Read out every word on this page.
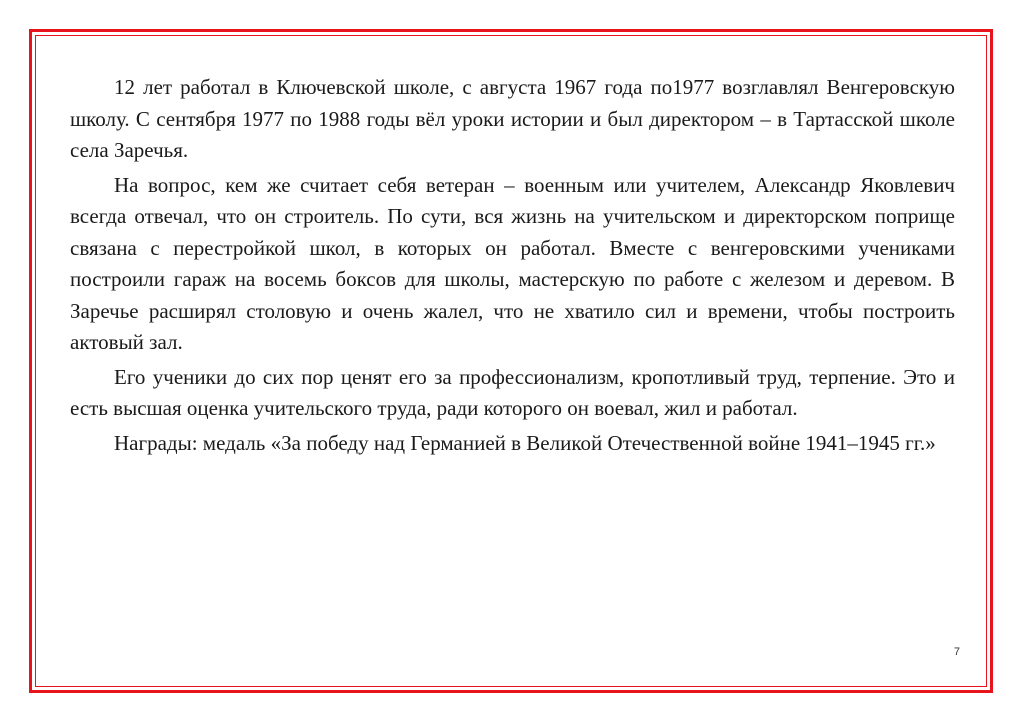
12 лет работал в Ключевской школе, с августа 1967 года по1977 возглавлял Венгеровскую школу. С сентября 1977 по 1988 годы вёл уроки истории и был директором – в Тартасской школе села Заречья.

На вопрос, кем же считает себя ветеран – военным или учителем, Александр Яковлевич всегда отвечал, что он строитель. По сути, вся жизнь на учительском и директорском поприще связана с перестройкой школ, в которых он работал. Вместе с венгеровскими учениками построили гараж на восемь боксов для школы, мастерскую по работе с железом и деревом. В Заречье расширял столовую и очень жалел, что не хватило сил и времени, чтобы построить актовый зал.

Его ученики до сих пор ценят его за профессионализм, кропотливый труд, терпение. Это и есть высшая оценка учительского труда, ради которого он воевал, жил и работал.

Награды: медаль «За победу над Германией в Великой Отечественной войне 1941–1945 гг.»

7
